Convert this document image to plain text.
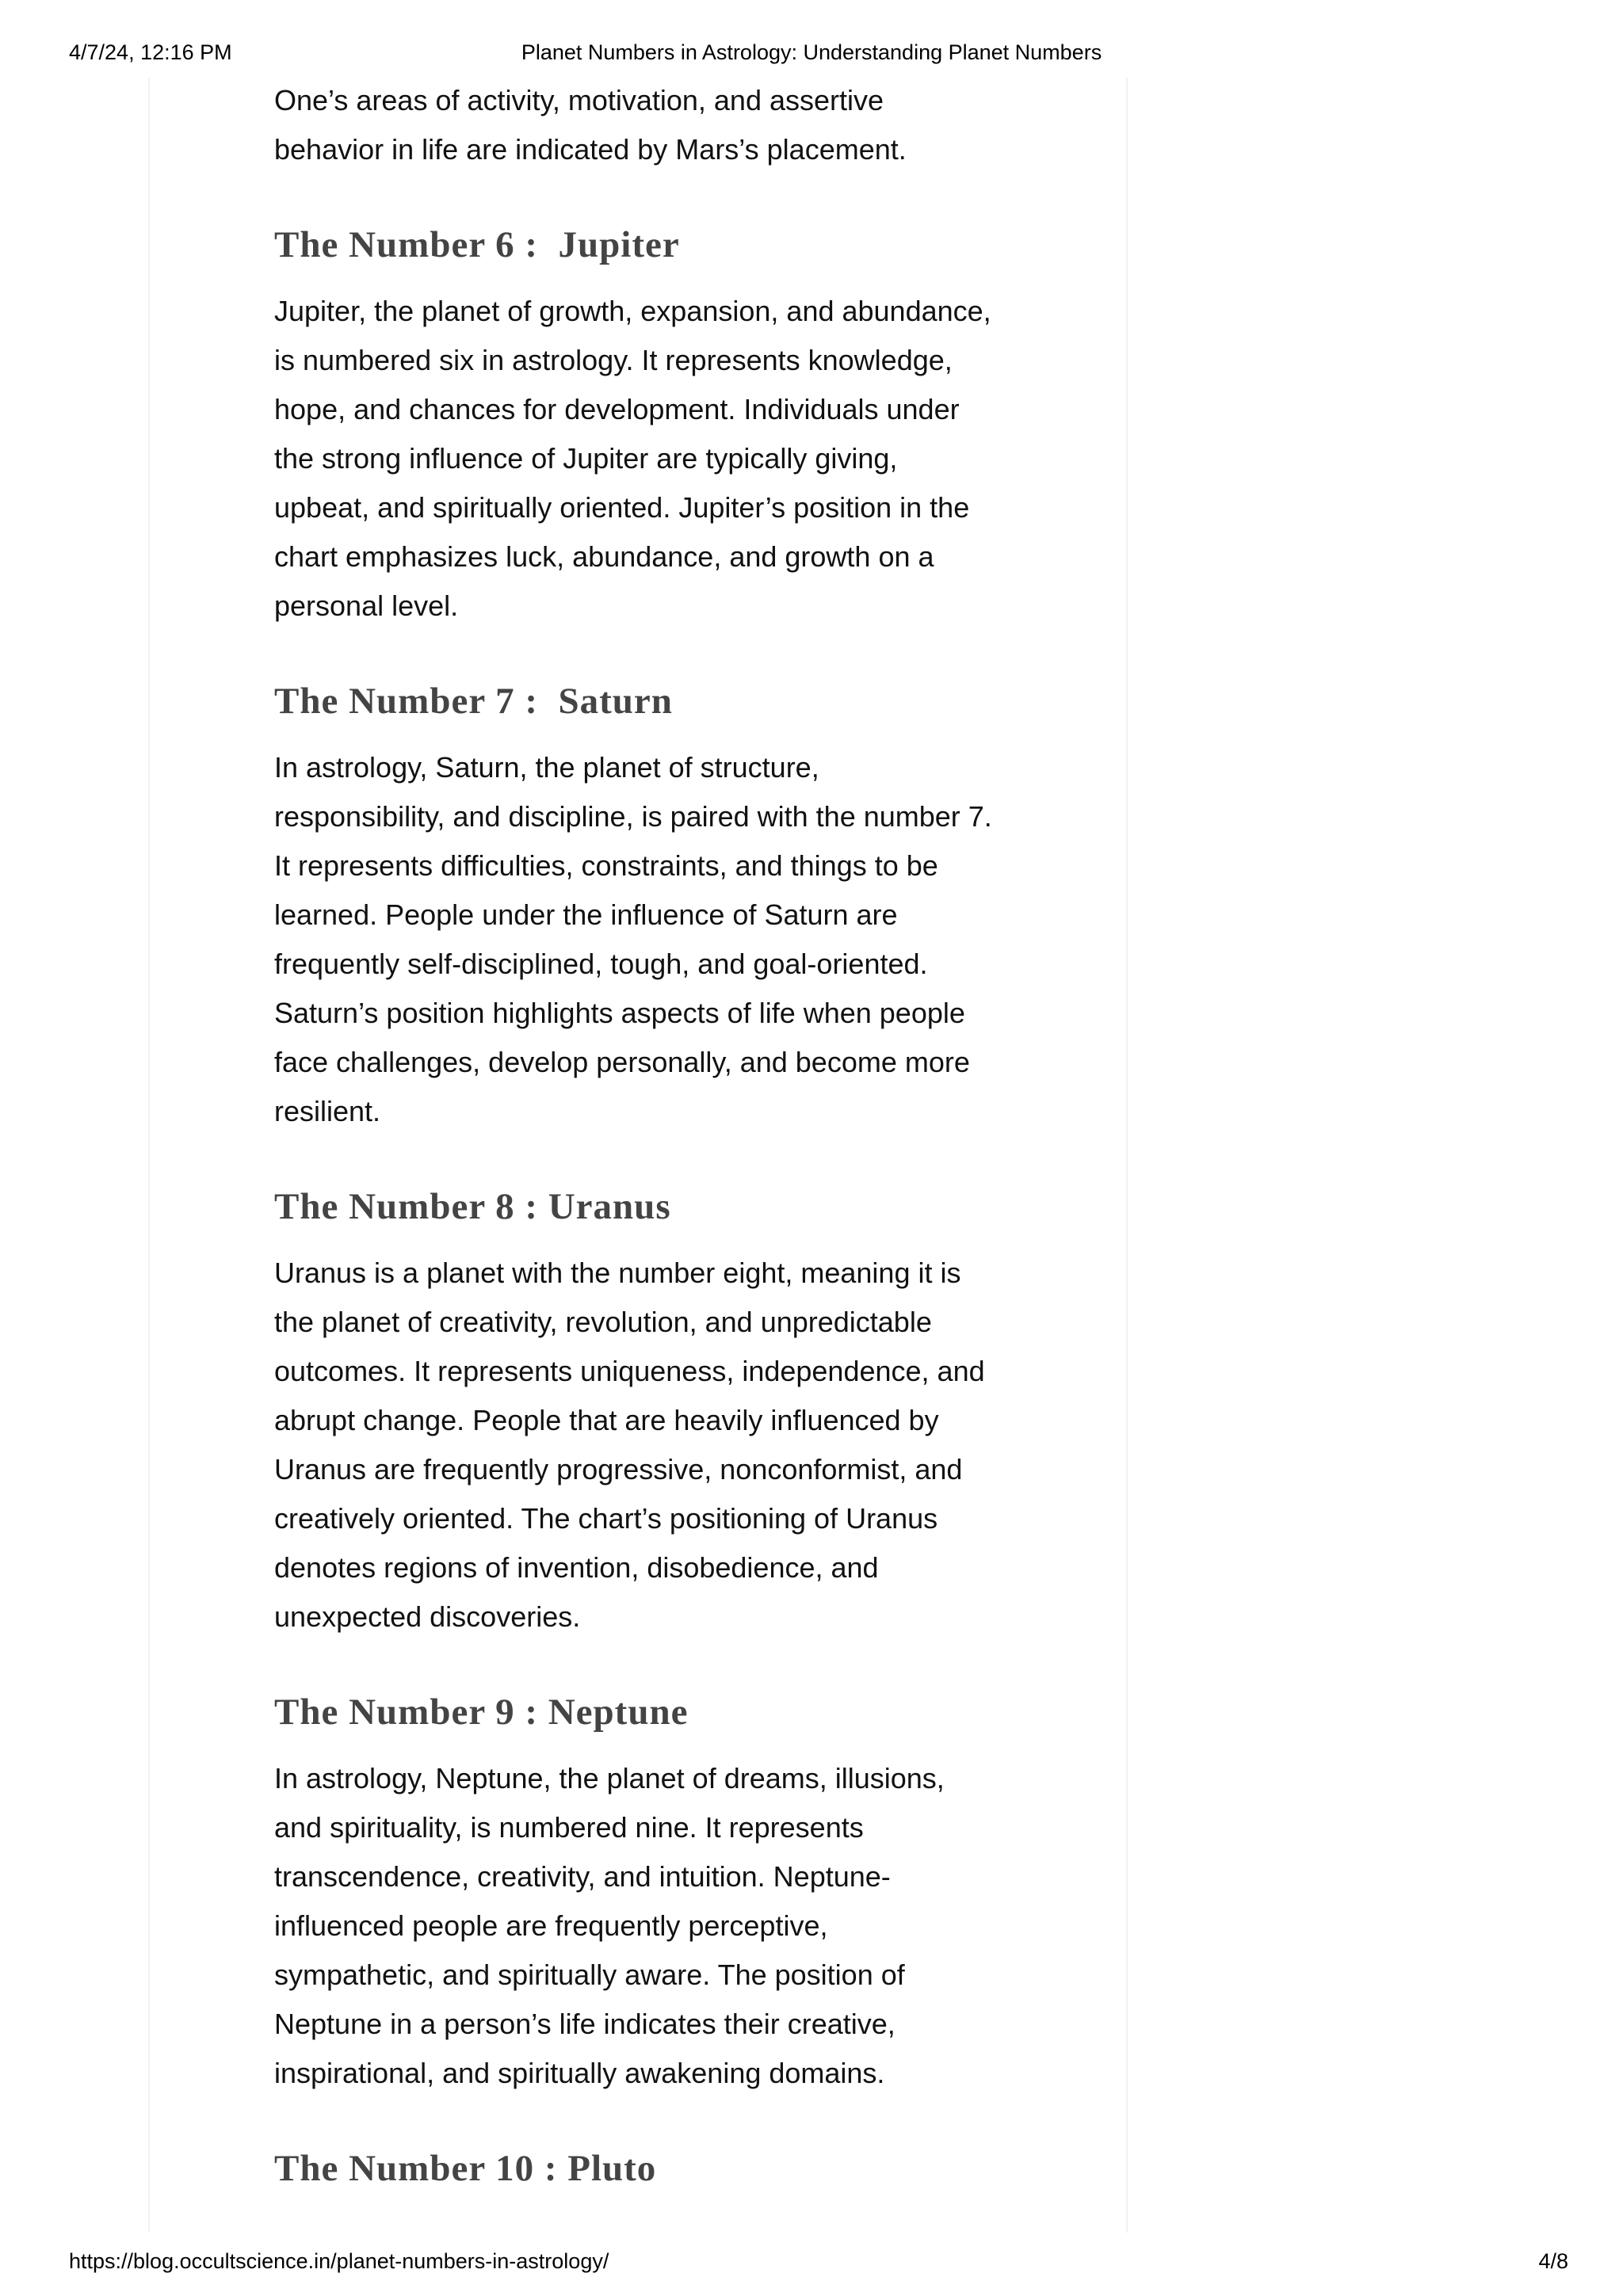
4/7/24, 12:16 PM	Planet Numbers in Astrology: Understanding Planet Numbers

One’s areas of activity, motivation, and assertive
behavior in life are indicated by Mars’s placement.

The Number 6 :  Jupiter

Jupiter, the planet of growth, expansion, and abundance,
is numbered six in astrology. It represents knowledge,
hope, and chances for development. Individuals under
the strong influence of Jupiter are typically giving,
upbeat, and spiritually oriented. Jupiter’s position in the
chart emphasizes luck, abundance, and growth on a
personal level.

The Number 7 :  Saturn

In astrology, Saturn, the planet of structure,
responsibility, and discipline, is paired with the number 7.
It represents difficulties, constraints, and things to be
learned. People under the influence of Saturn are
frequently self-disciplined, tough, and goal-oriented.
Saturn’s position highlights aspects of life when people
face challenges, develop personally, and become more
resilient.

The Number 8 : Uranus

Uranus is a planet with the number eight, meaning it is
the planet of creativity, revolution, and unpredictable
outcomes. It represents uniqueness, independence, and
abrupt change. People that are heavily influenced by
Uranus are frequently progressive, nonconformist, and
creatively oriented. The chart’s positioning of Uranus
denotes regions of invention, disobedience, and
unexpected discoveries.

The Number 9 : Neptune

In astrology, Neptune, the planet of dreams, illusions,
and spirituality, is numbered nine. It represents
transcendence, creativity, and intuition. Neptune-
influenced people are frequently perceptive,
sympathetic, and spiritually aware. The position of
Neptune in a person’s life indicates their creative,
inspirational, and spiritually awakening domains.

The Number 10 : Pluto
https://blog.occultscience.in/planet-numbers-in-astrology/	4/8
